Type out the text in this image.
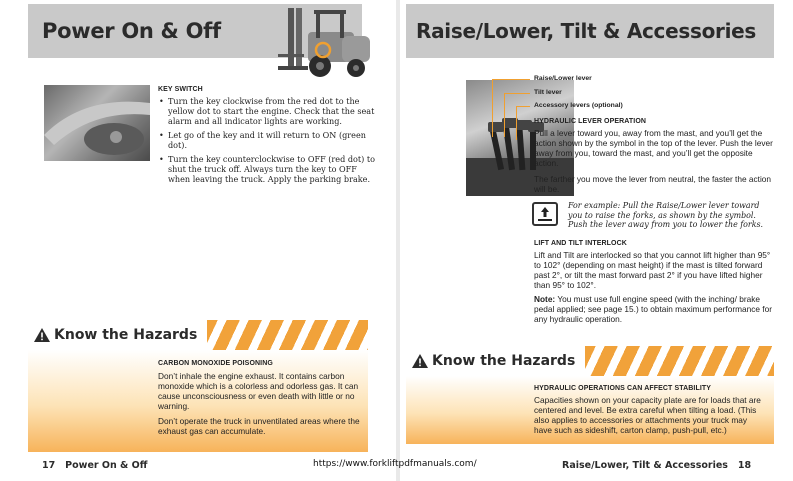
Power On & Off
KEY SWITCH
• Turn the key clockwise from the red dot to the yellow dot to start the engine. Check that the seat alarm and all indicator lights are working.
• Let go of the key and it will return to ON (green dot).
• Turn the key counterclockwise to OFF (red dot) to shut the truck off. Always turn the key to OFF when leaving the truck. Apply the parking brake.
Know the Hazards
CARBON MONOXIDE POISONING
Don’t inhale the engine exhaust. It contains carbon monoxide which is a colorless and odorless gas. It can cause unconsciousness or even death with little or no warning.
Don’t operate the truck in unventilated areas where the exhaust gas can accumulate.
17 Power On & Off
Raise/Lower, Tilt & Accessories
Raise/Lower lever
Tilt lever
Accessory levers (optional)
HYDRAULIC LEVER OPERATION
Pull a lever toward you, away from the mast, and you’ll get the action shown by the symbol in the top of the lever. Push the lever away from you, toward the mast, and you’ll get the opposite action.
The farther you move the lever from neutral, the faster the action will be.
For example: Pull the Raise/Lower lever toward you to raise the forks, as shown by the symbol. Push the lever away from you to lower the forks.
LIFT AND TILT INTERLOCK
Lift and Tilt are interlocked so that you cannot lift higher than 95° to 102° (depending on mast height) if the mast is tilted forward past 2°, or tilt the mast forward past 2° if you have lifted higher than 95° to 102°.
Note: You must use full engine speed (with the inching/ brake pedal applied; see page 15.) to obtain maximum performance for any hydraulic operation.
Know the Hazards
HYDRAULIC OPERATIONS CAN AFFECT STABILITY
Capacities shown on your capacity plate are for loads that are centered and level. Be extra careful when tilting a load. (This also applies to accessories or attachments your truck may have such as sideshift, carton clamp, push-pull, etc.)
Raise/Lower, Tilt & Accessories 18
https://www.forkliftpdfmanuals.com/
